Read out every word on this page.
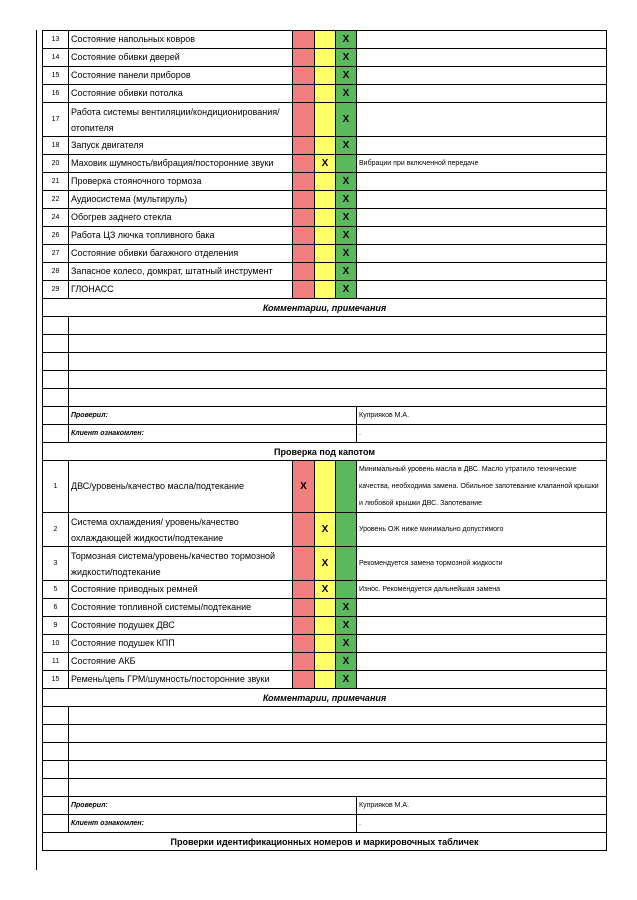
13	Состояние напольных ковров			X	
14	Состояние обивки дверей			X	
15	Состояние панели приборов			X	
16	Состояние обивки потолка			X	
17	Работа системы вентиляции/кондиционирования/ отопителя			X	
18	Запуск двигателя			X	
20	Маховик шумность/вибрация/посторонние звуки		X		Вибрации при включенной передаче
21	Проверка стояночного тормоза			X	
22	Аудиосистема (мультируль)			X	
24	Обогрев заднего стекла			X	
26	Работа ЦЗ лючка топливного бака			X	
27	Состояние обивки багажного отделения			X	
28	Запасное колесо, домкрат, штатный инструмент			X	
29	ГЛОНАСС			X	
Комментарии, примечания					

	Проверил:				Куприяков М.А.
	Клиент ознакомлен:				.
Проверка под капотом					
1	ДВС/уровень/качество масла/подтекание	X			Минимальный уровень масла в ДВС. Масло утратило технические качества, необходима замена. Обильное запотевание клапанной крышки и любовой крышки ДВС. Запотевание
2	Система охлаждения/ уровень/качество охлаждающей жидкости/подтекание		X		Уровень ОЖ ниже минимально допустимого
3	Тормозная система/уровень/качество тормозной жидкости/подтекание		X		Рекомендуется замена тормозной жидкости
5	Состояние приводных ремней		X		Износ. Рекомендуется дальнейшая замена
6	Состояние топливной системы/подтекание			X	
9	Состояние подушек ДВС			X	
10	Состояние подушек КПП			X	
11	Состояние АКБ			X	
15	Ремень/цепь ГРМ/шумность/посторонние звуки			X	
Комментарии, примечания					

	Проверил:				Куприяков М.А.
	Клиент ознакомлен:				.
Проверки идентификационных номеров и маркировочных табличек					
